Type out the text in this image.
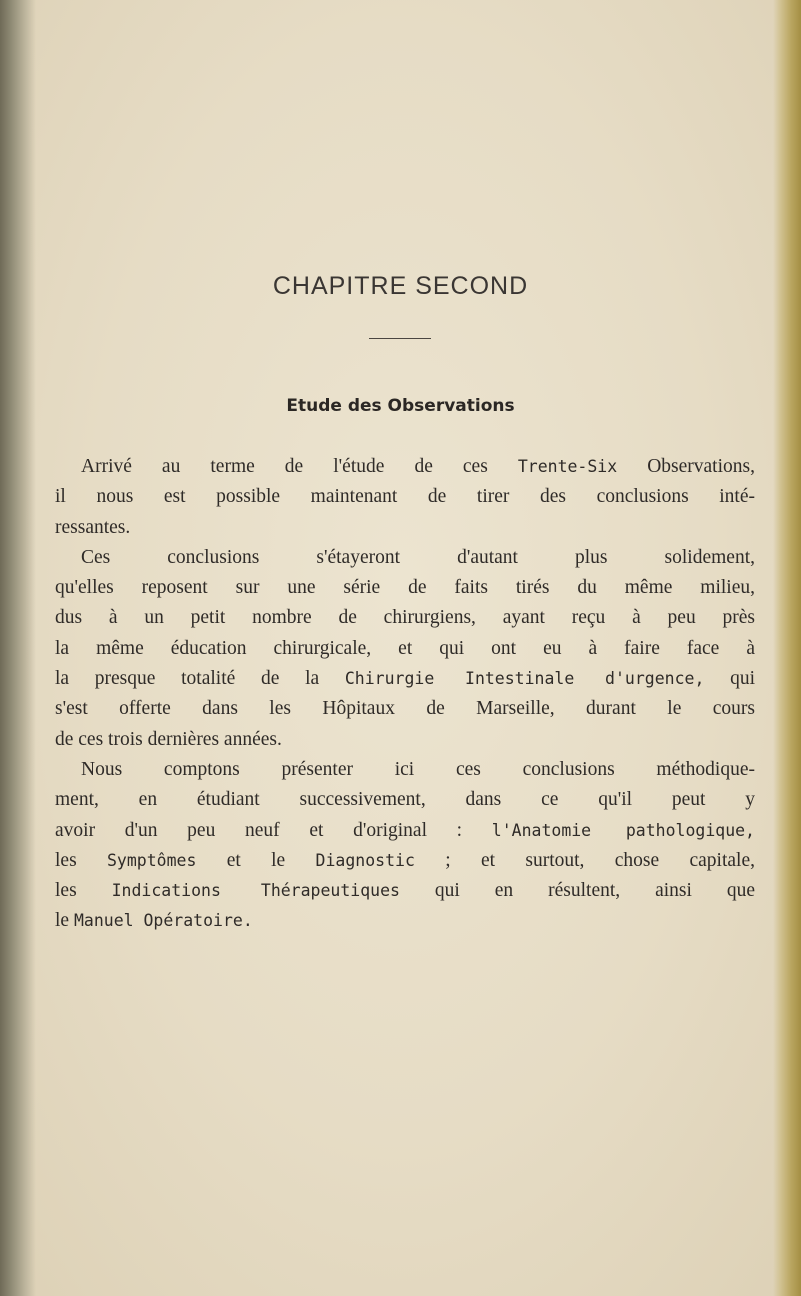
CHAPITRE SECOND
Etude des Observations
Arrivé au terme de l'étude de ces Trente-Six Observations,
il nous est possible maintenant de tirer des conclusions inté-
ressantes.
Ces conclusions s'étayeront d'autant plus solidement,
qu'elles reposent sur une série de faits tirés du même milieu,
dus à un petit nombre de chirurgiens, ayant reçu à peu près
la même éducation chirurgicale, et qui ont eu à faire face à
la presque totalité de la Chirurgie Intestinale d'urgence, qui
s'est offerte dans les Hôpitaux de Marseille, durant le cours
de ces trois dernières années.
Nous comptons présenter ici ces conclusions méthodique-
ment, en étudiant successivement, dans ce qu'il peut y
avoir d'un peu neuf et d'original : l'Anatomie pathologique,
les Symptômes et le Diagnostic ; et surtout, chose capitale,
les Indications Thérapeutiques qui en résultent, ainsi que
le Manuel Opératoire.
